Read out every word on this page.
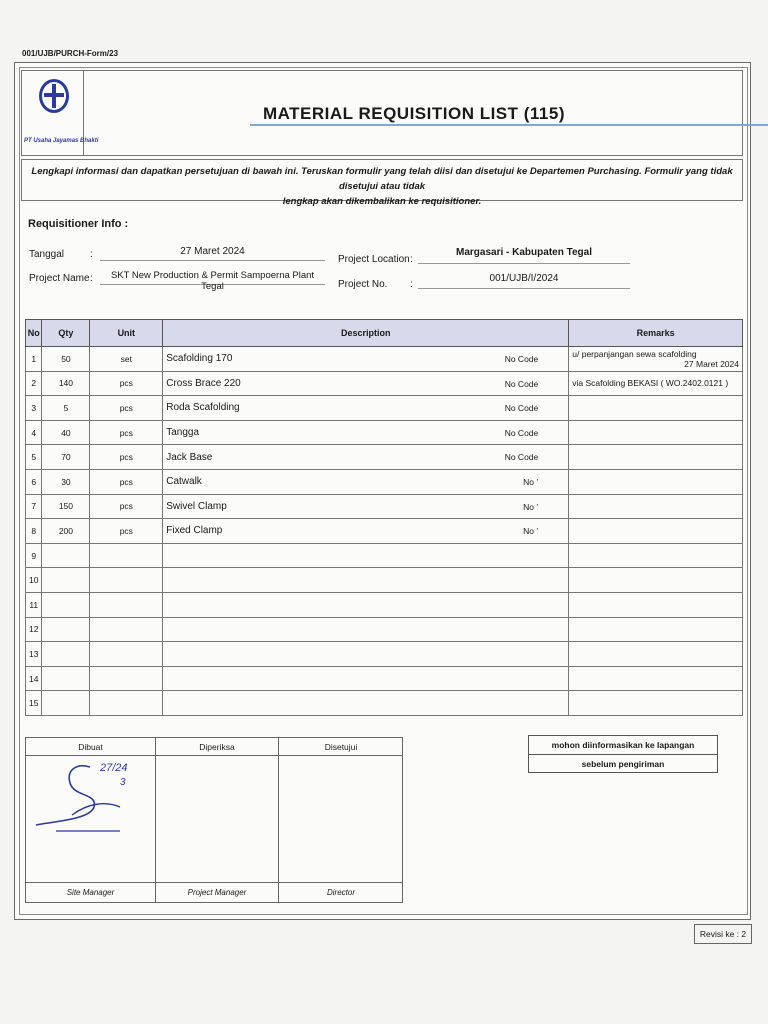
001/UJB/PURCH-Form/23
PT Usaha Jayamas Bhakti
MATERIAL REQUISITION LIST (115)
Lengkapi informasi dan dapatkan persetujuan di bawah ini. Teruskan formulir yang telah diisi dan disetujui ke Departemen Purchasing. Formulir yang tidak disetujui atau tidak
lengkap akan dikembalikan ke requisitioner.
Requisitioner Info :
Tanggal	:	27 Maret 2024
Project Name :	SKT New Production & Permit Sampoerna Plant Tegal
Project Location :
Margasari - Kabupaten Tegal
Project No. :
001/UJB/I/2024
No	Qty	Unit	Description	Remarks
1	50	set	Scafolding 170 No Code	u/ perpanjangan sewa scafolding
27 Maret 2024

2	140	pcs	Cross Brace 220 No Code	via Scafolding BEKASI ( WO.2402.0121 )

3	5	pcs	Roda Scafolding No Code	

4	40	pcs	Tangga No Code	

5	70	pcs	Jack Base No Code	

6	30	pcs	Catwalk No ’	

7	150	pcs	Swivel Clamp No ’	

8	200	pcs	Fixed Clamp No ’	

9			

10			

11			

12			

13			

14			

15			

Dibuat
Site Manager
Diperiksa
Project Manager
Disetujui
Director
27/24
3
mohon diinformasikan ke lapangan
sebelum pengiriman
Revisi ke : 2
